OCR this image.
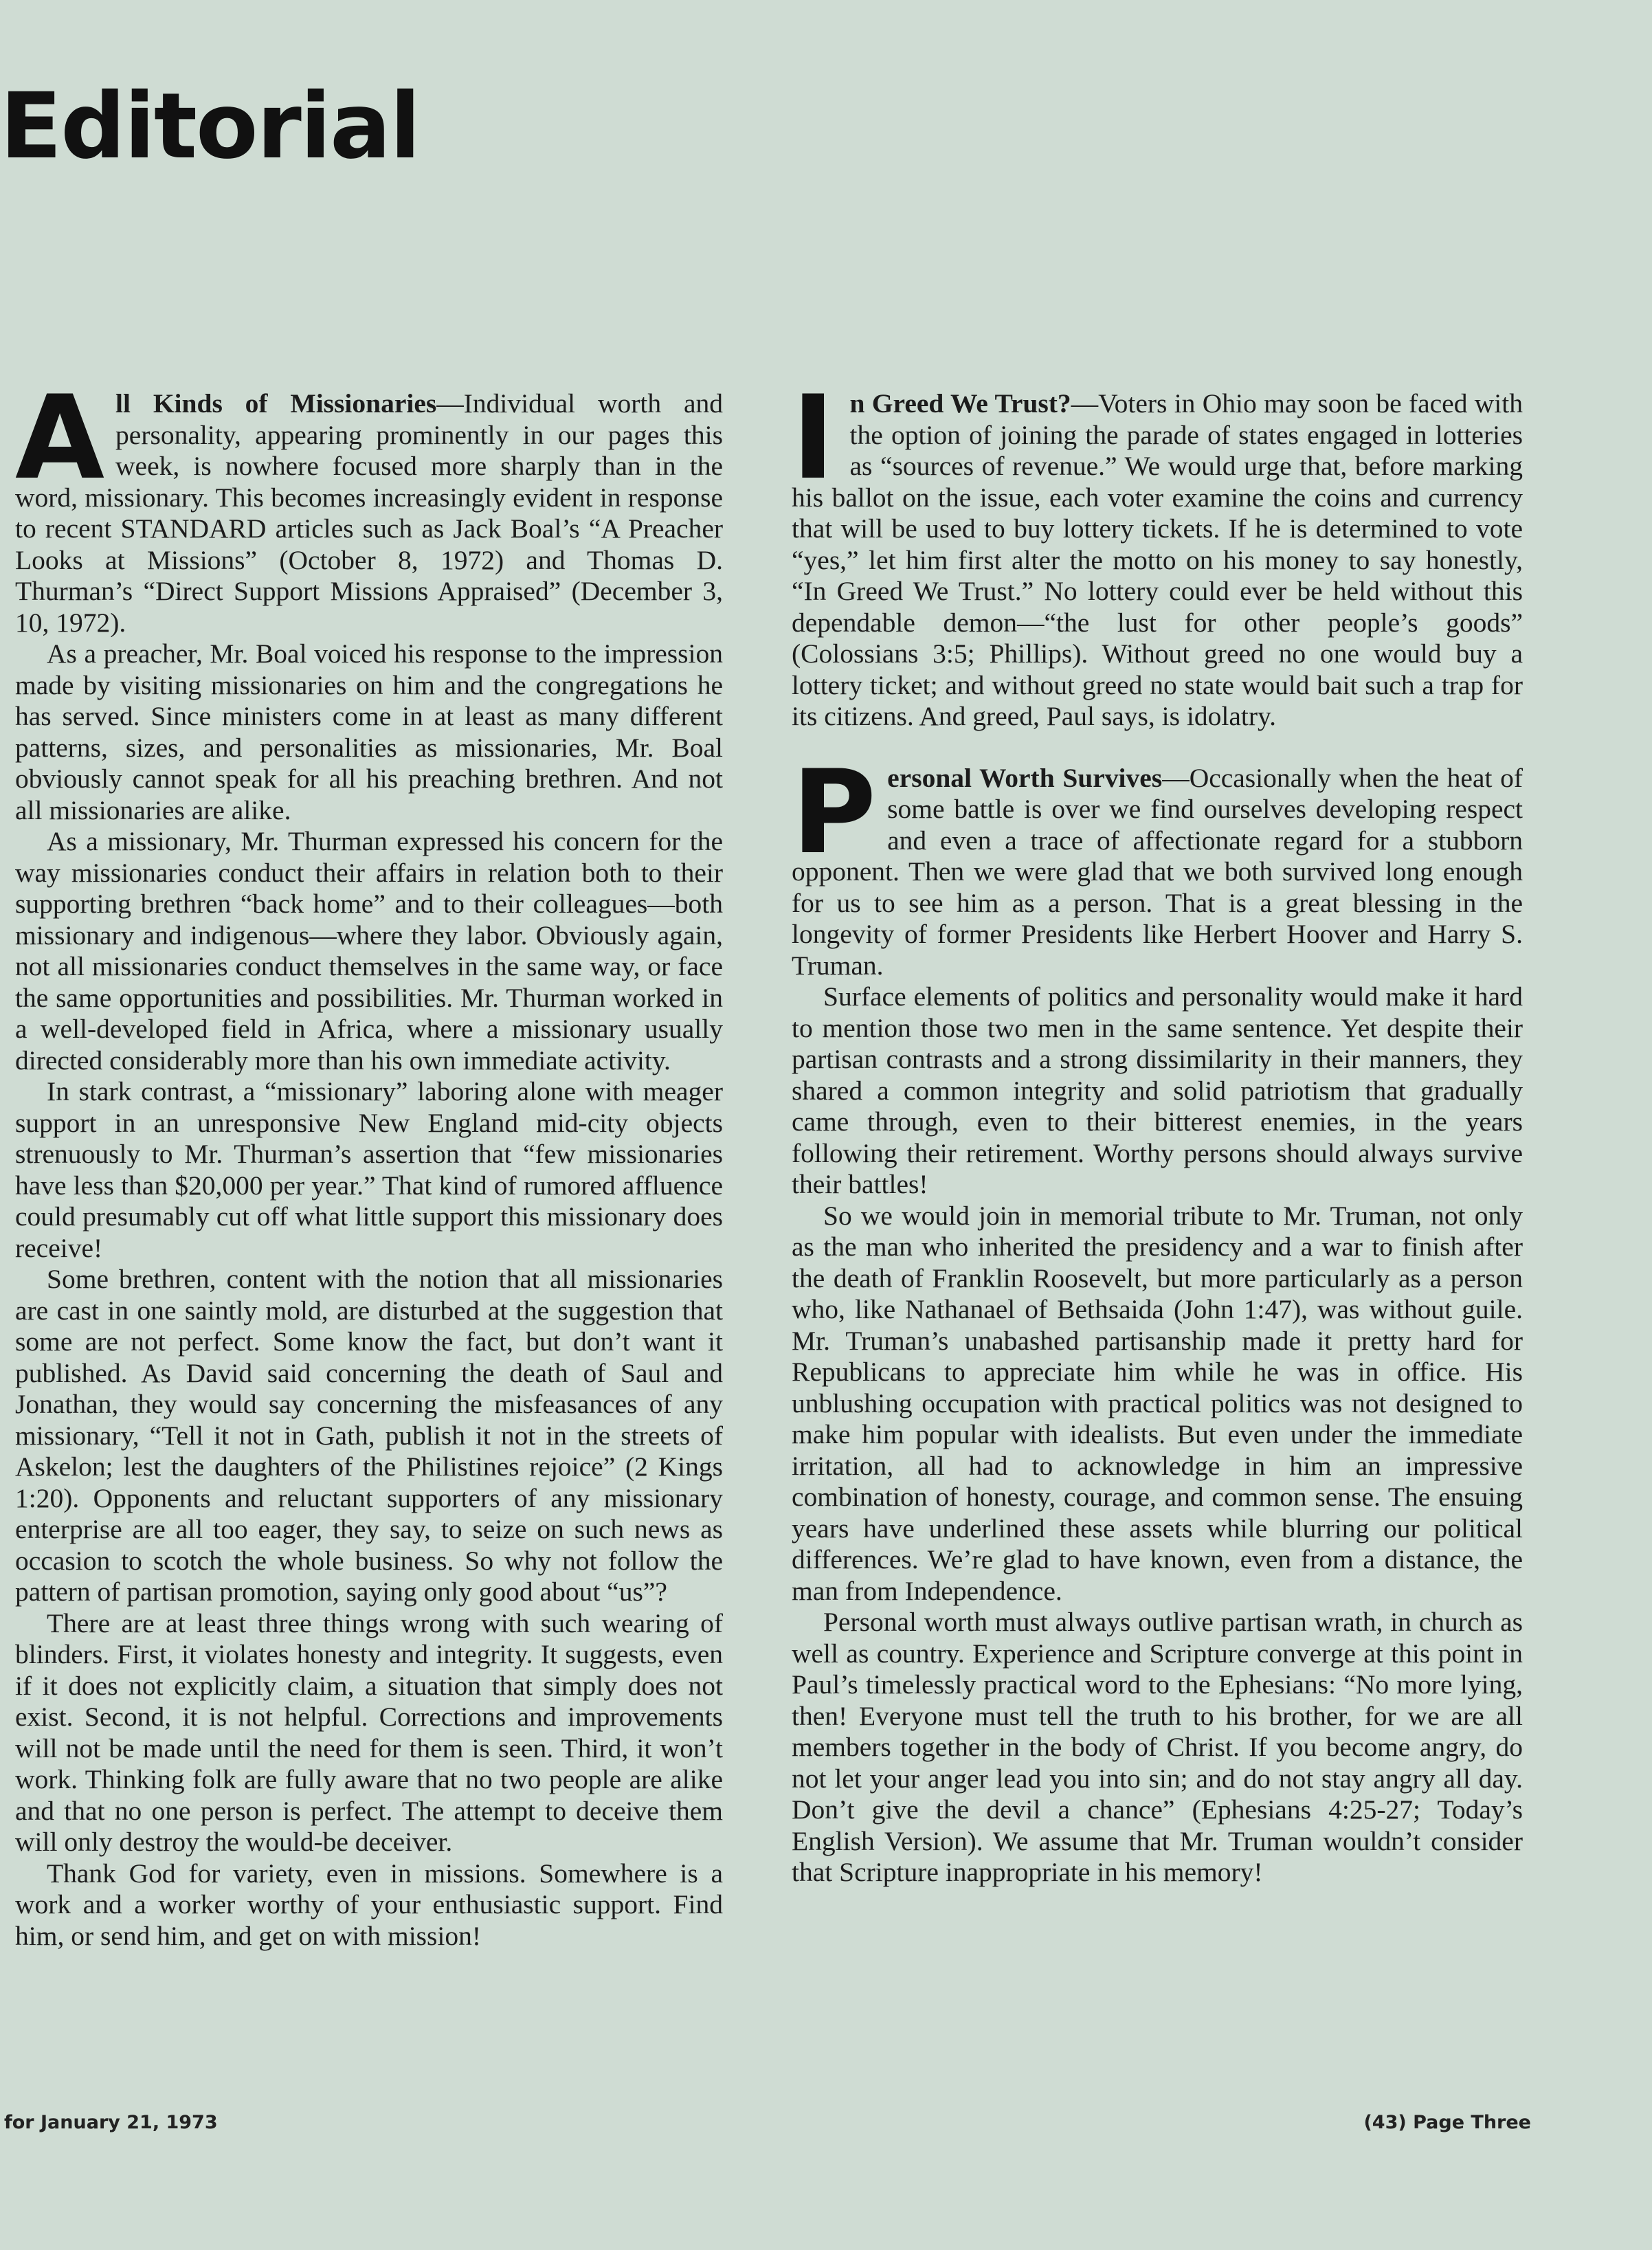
Editorial

All Kinds of Missionaries—Individual worth and personality, appearing prominently in our pages this week, is nowhere focused more sharply than in the word, missionary. This becomes increasingly evident in response to recent STANDARD articles such as Jack Boal’s “A Preacher Looks at Missions” (October 8, 1972) and Thomas D. Thurman’s “Direct Support Missions Appraised” (December 3, 10, 1972).

As a preacher, Mr. Boal voiced his response to the impression made by visiting missionaries on him and the congregations he has served. Since ministers come in at least as many different patterns, sizes, and personalities as missionaries, Mr. Boal obviously cannot speak for all his preaching brethren. And not all missionaries are alike.

As a missionary, Mr. Thurman expressed his concern for the way missionaries conduct their affairs in relation both to their supporting brethren “back home” and to their colleagues—both missionary and indigenous—where they labor. Obviously again, not all missionaries conduct themselves in the same way, or face the same opportunities and possibilities. Mr. Thurman worked in a well-developed field in Africa, where a missionary usually directed considerably more than his own immediate activity.

In stark contrast, a “missionary” laboring alone with meager support in an unresponsive New England mid-city objects strenuously to Mr. Thurman’s assertion that “few missionaries have less than $20,000 per year.” That kind of rumored affluence could presumably cut off what little support this missionary does receive!

Some brethren, content with the notion that all missionaries are cast in one saintly mold, are disturbed at the suggestion that some are not perfect. Some know the fact, but don’t want it published. As David said concerning the death of Saul and Jonathan, they would say concerning the misfeasances of any missionary, “Tell it not in Gath, publish it not in the streets of Askelon; lest the daughters of the Philistines rejoice” (2 Kings 1:20). Opponents and reluctant supporters of any missionary enterprise are all too eager, they say, to seize on such news as occasion to scotch the whole business. So why not follow the pattern of partisan promotion, saying only good about “us”?

There are at least three things wrong with such wearing of blinders. First, it violates honesty and integrity. It suggests, even if it does not explicitly claim, a situation that simply does not exist. Second, it is not helpful. Corrections and improvements will not be made until the need for them is seen. Third, it won’t work. Thinking folk are fully aware that no two people are alike and that no one person is perfect. The attempt to deceive them will only destroy the would-be deceiver.

Thank God for variety, even in missions. Somewhere is a work and a worker worthy of your enthusiastic support. Find him, or send him, and get on with mission!

In Greed We Trust?—Voters in Ohio may soon be faced with the option of joining the parade of states engaged in lotteries as “sources of revenue.” We would urge that, before marking his ballot on the issue, each voter examine the coins and currency that will be used to buy lottery tickets. If he is determined to vote “yes,” let him first alter the motto on his money to say honestly, “In Greed We Trust.” No lottery could ever be held without this dependable demon—“the lust for other people’s goods” (Colossians 3:5; Phillips). Without greed no one would buy a lottery ticket; and without greed no state would bait such a trap for its citizens. And greed, Paul says, is idolatry.

Personal Worth Survives—Occasionally when the heat of some battle is over we find ourselves developing respect and even a trace of affectionate regard for a stubborn opponent. Then we were glad that we both survived long enough for us to see him as a person. That is a great blessing in the longevity of former Presidents like Herbert Hoover and Harry S. Truman.

Surface elements of politics and personality would make it hard to mention those two men in the same sentence. Yet despite their partisan contrasts and a strong dissimilarity in their manners, they shared a common integrity and solid patriotism that gradually came through, even to their bitterest enemies, in the years following their retirement. Worthy persons should always survive their battles!

So we would join in memorial tribute to Mr. Truman, not only as the man who inherited the presidency and a war to finish after the death of Franklin Roosevelt, but more particularly as a person who, like Nathanael of Bethsaida (John 1:47), was without guile. Mr. Truman’s unabashed partisanship made it pretty hard for Republicans to appreciate him while he was in office. His unblushing occupation with practical politics was not designed to make him popular with idealists. But even under the immediate irritation, all had to acknowledge in him an impressive combination of honesty, courage, and common sense. The ensuing years have underlined these assets while blurring our political differences. We’re glad to have known, even from a distance, the man from Independence.

Personal worth must always outlive partisan wrath, in church as well as country. Experience and Scripture converge at this point in Paul’s timelessly practical word to the Ephesians: “No more lying, then! Everyone must tell the truth to his brother, for we are all members together in the body of Christ. If you become angry, do not let your anger lead you into sin; and do not stay angry all day. Don’t give the devil a chance” (Ephesians 4:25-27; Today’s English Version). We assume that Mr. Truman wouldn’t consider that Scripture inappropriate in his memory!

for January 21, 1973	(43) Page Three
